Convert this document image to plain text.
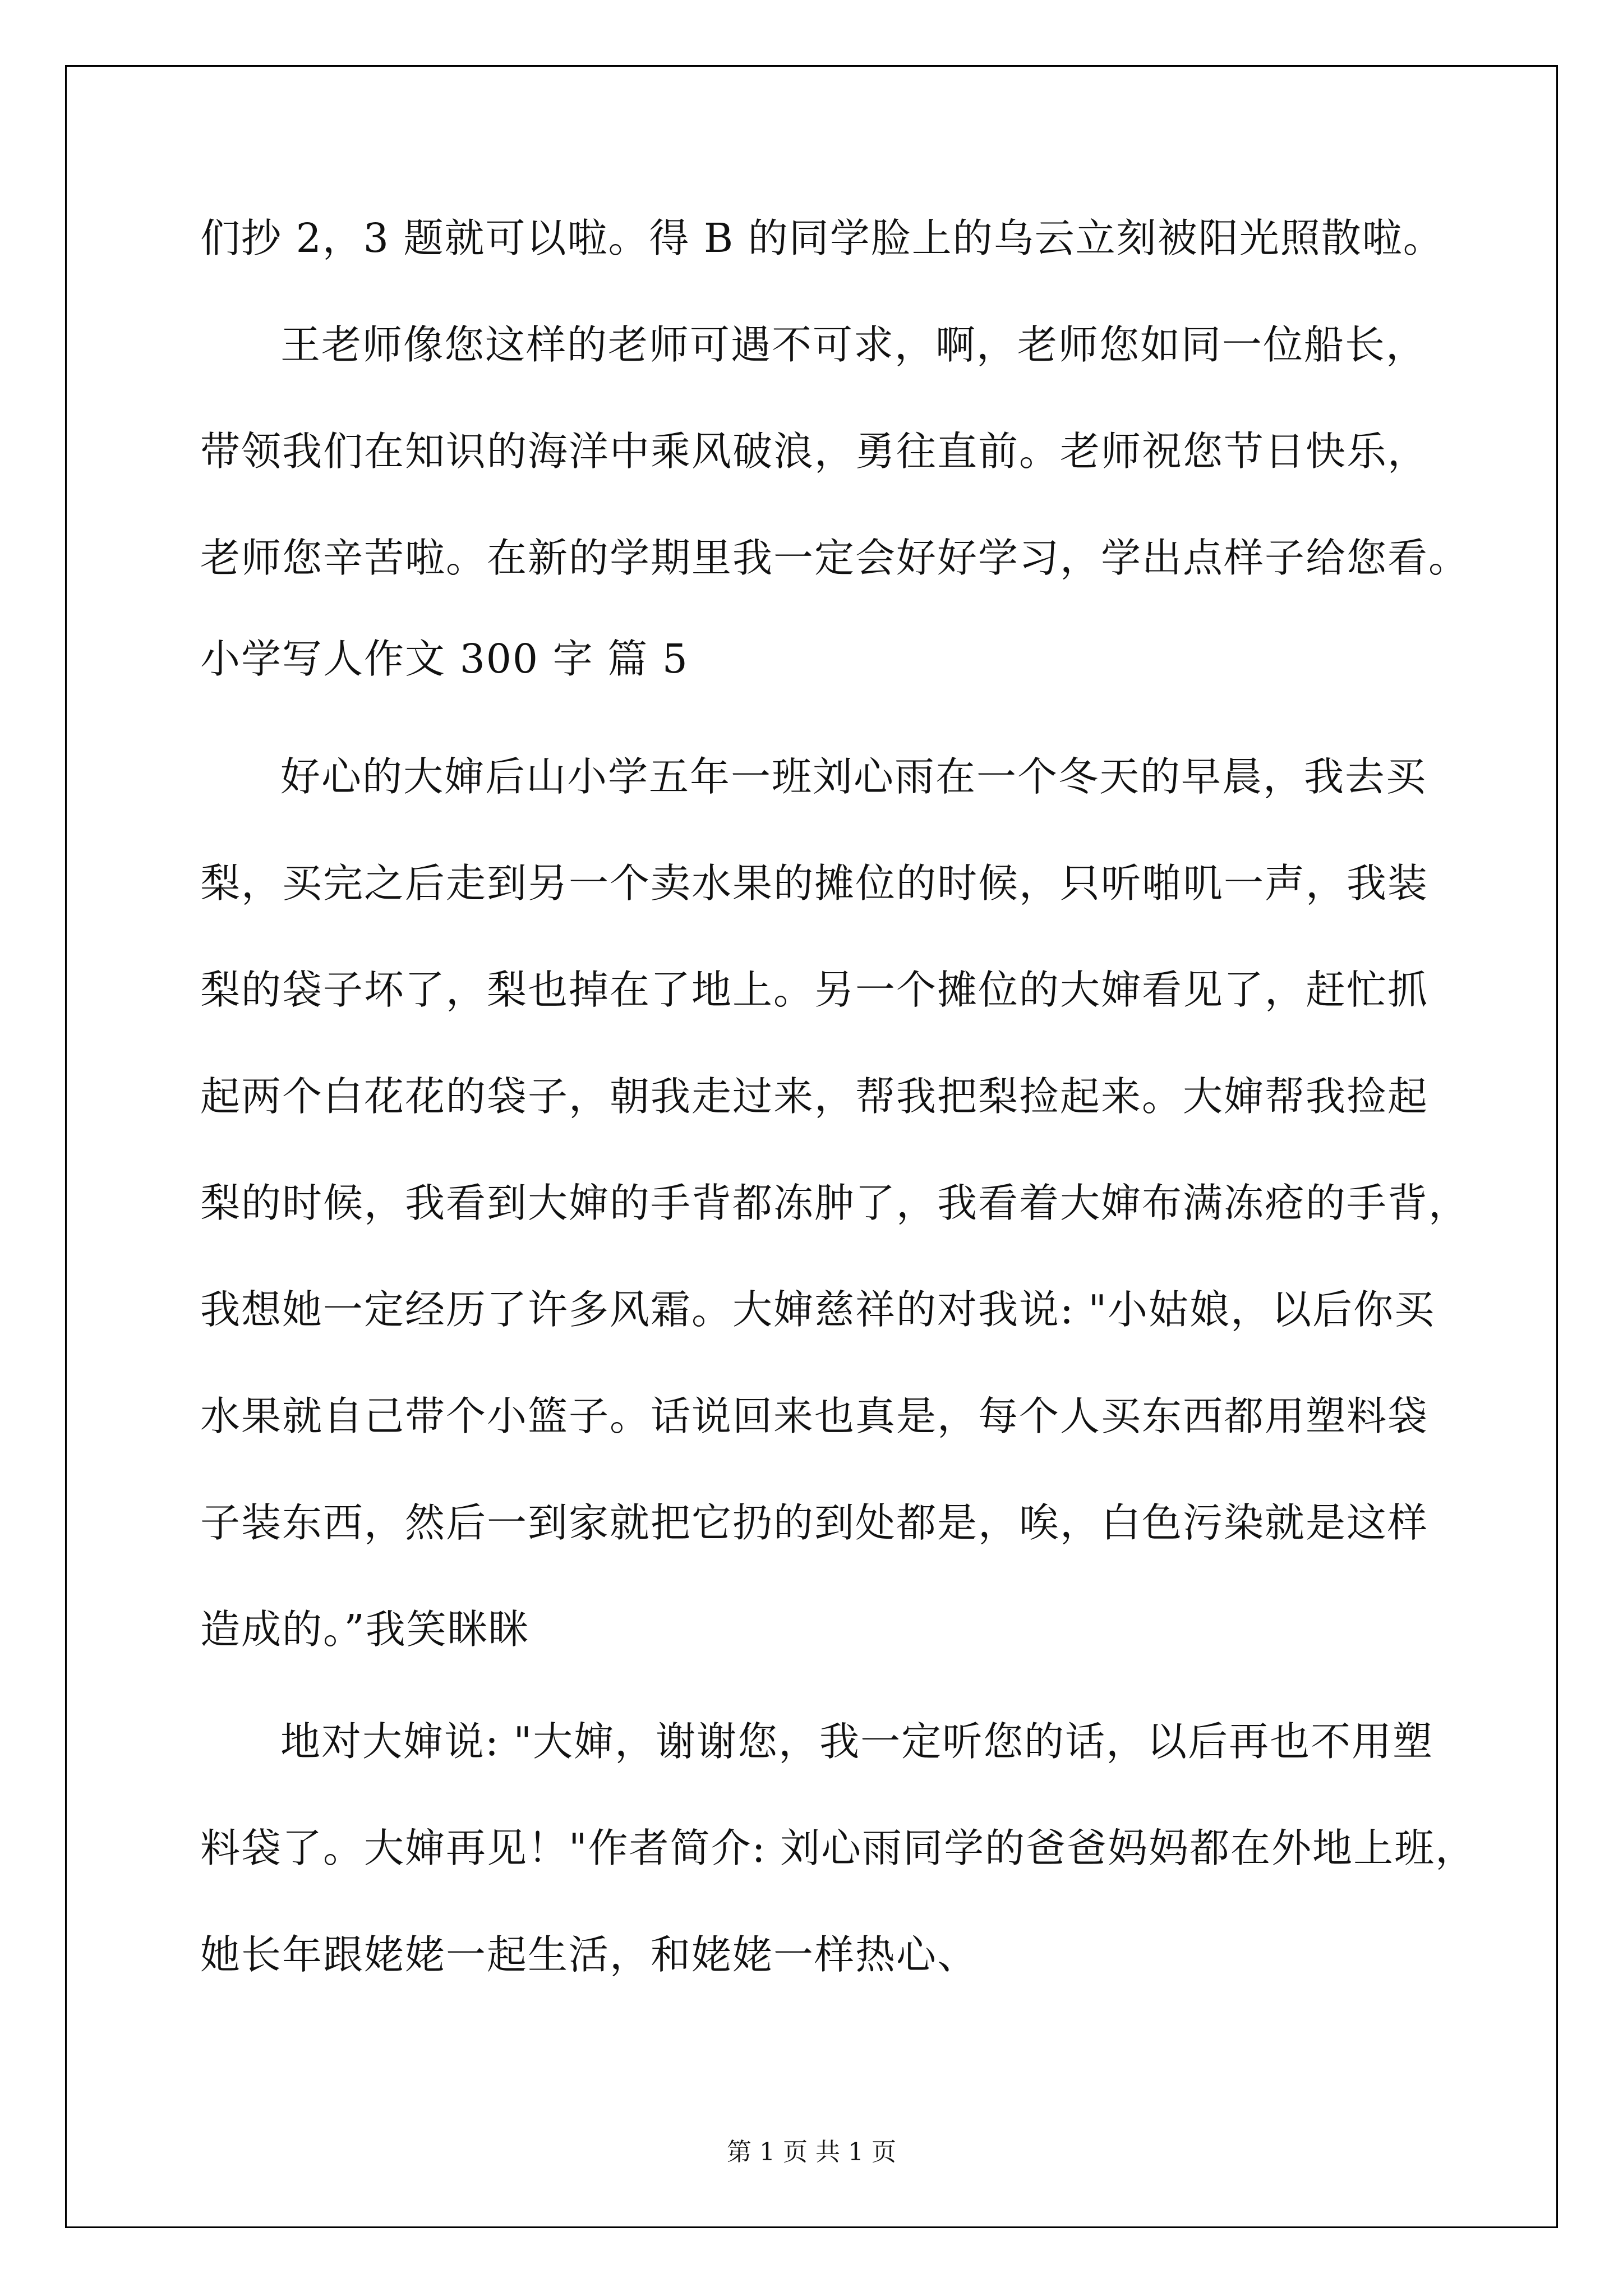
们抄 2，3 题就可以啦。得 B 的同学脸上的乌云立刻被阳光照散啦。
王老师像您这样的老师可遇不可求，啊，老师您如同一位船长，
带领我们在知识的海洋中乘风破浪，勇往直前。老师祝您节日快乐，
老师您辛苦啦。在新的学期里我一定会好好学习，学出点样子给您看。
小学写人作文 300 字 篇 5
好心的大婶后山小学五年一班刘心雨在一个冬天的早晨，我去买
梨，买完之后走到另一个卖水果的摊位的时候，只听啪叽一声，我装
梨的袋子坏了，梨也掉在了地上。另一个摊位的大婶看见了，赶忙抓
起两个白花花的袋子，朝我走过来，帮我把梨捡起来。大婶帮我捡起
梨的时候，我看到大婶的手背都冻肿了，我看着大婶布满冻疮的手背，
我想她一定经历了许多风霜。大婶慈祥的对我说: "小姑娘，以后你买
水果就自己带个小篮子。话说回来也真是，每个人买东西都用塑料袋
子装东西，然后一到家就把它扔的到处都是，唉，白色污染就是这样
造成的。”我笑眯眯
地对大婶说: "大婶，谢谢您，我一定听您的话，以后再也不用塑
料袋了。大婶再见！"作者简介: 刘心雨同学的爸爸妈妈都在外地上班，
她长年跟姥姥一起生活，和姥姥一样热心、
第 1 页 共 1 页
